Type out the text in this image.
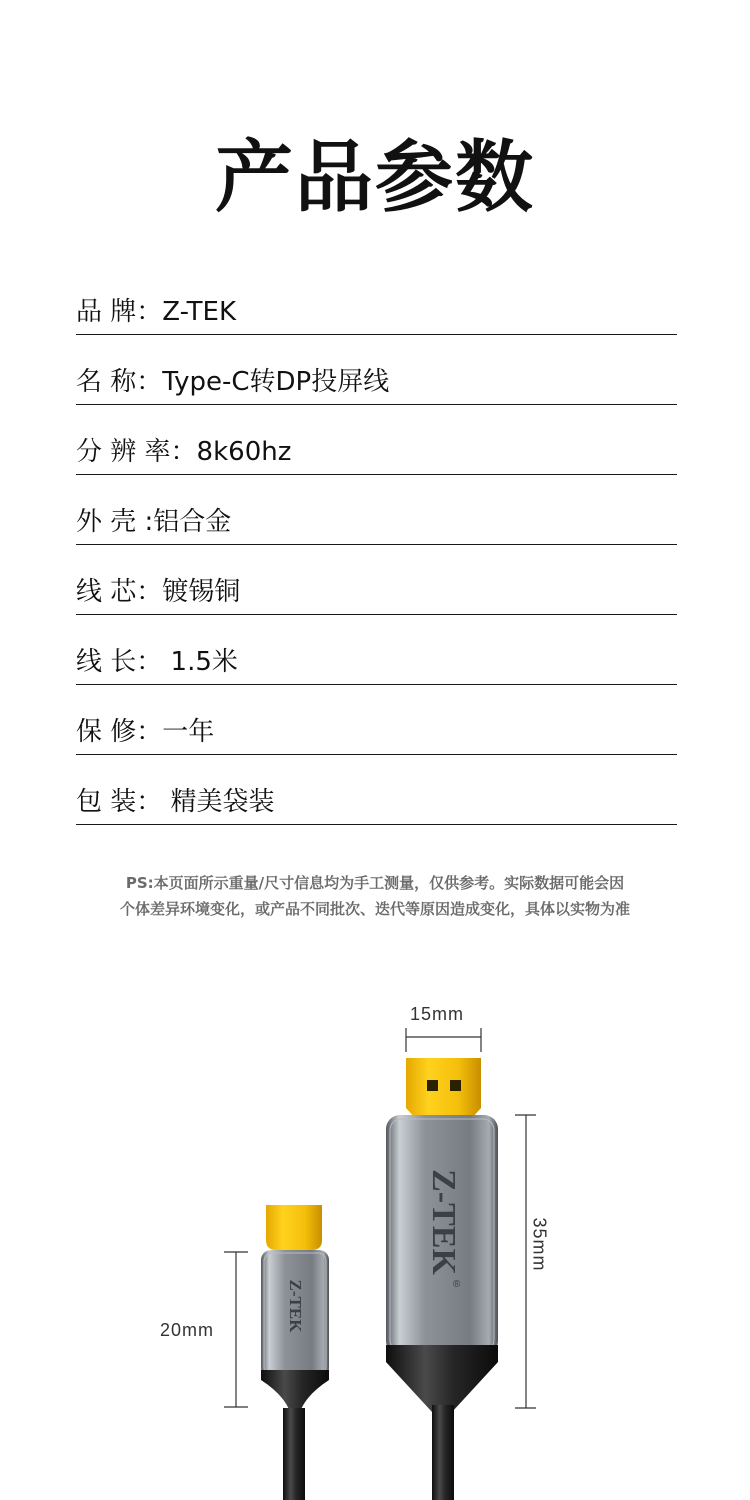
产品参数
品 牌：Z-TEK
名 称：Type-C转DP投屏线
分 辨 率：8k60hz
外 壳 :铝合金
线 芯：镀锡铜
线 长： 1.5米
保 修：一年
包 装： 精美袋装
PS:本页面所示重量/尺寸信息均为手工测量，仅供参考。实际数据可能会因
个体差异环境变化，或产品不同批次、迭代等原因造成变化，具体以实物为准
15mm
35mm
20mm
Z-TEK
®
Z-TEK
